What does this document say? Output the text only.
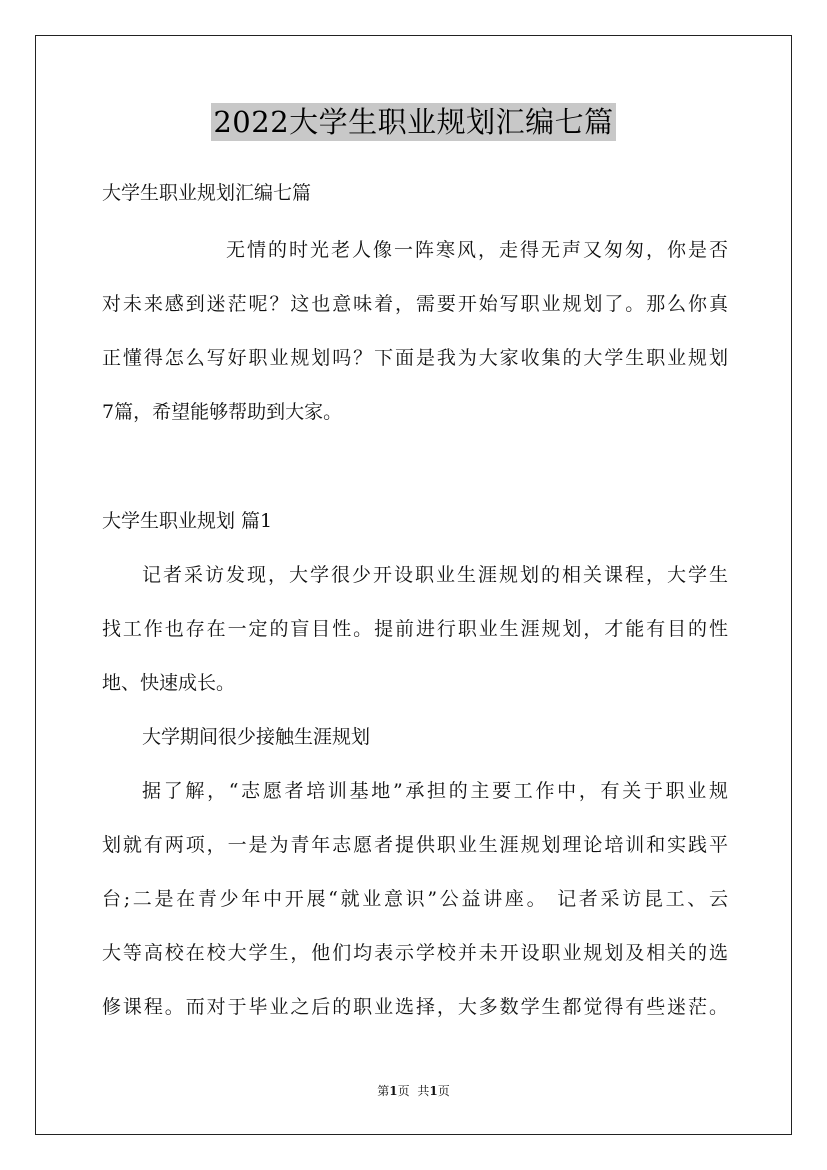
2022大学生职业规划汇编七篇
大学生职业规划汇编七篇
无情的时光老人像一阵寒风，走得无声又匆匆，你是否
对未来感到迷茫呢？这也意味着，需要开始写职业规划了。那么你真
正懂得怎么写好职业规划吗？下面是我为大家收集的大学生职业规划
7篇，希望能够帮助到大家。
大学生职业规划 篇1
记者采访发现，大学很少开设职业生涯规划的相关课程，大学生
找工作也存在一定的盲目性。提前进行职业生涯规划，才能有目的性
地、快速成长。
大学期间很少接触生涯规划
据了解，“志愿者培训基地”承担的主要工作中，有关于职业规
划就有两项，一是为青年志愿者提供职业生涯规划理论培训和实践平
台;二是在青少年中开展“就业意识”公益讲座。 记者采访昆工、云
大等高校在校大学生，他们均表示学校并未开设职业规划及相关的选
修课程。而对于毕业之后的职业选择，大多数学生都觉得有些迷茫。
第1页 共1页
